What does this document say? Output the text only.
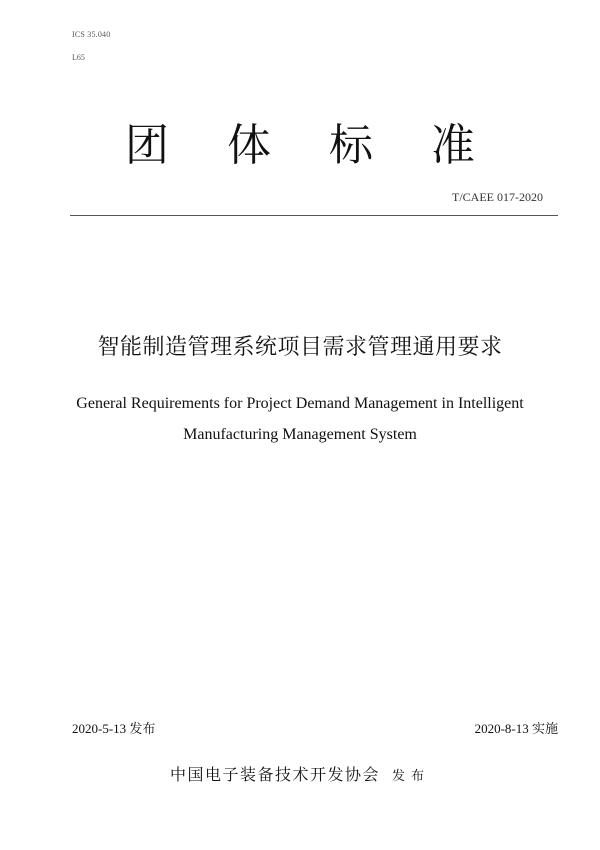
ICS 35.040
L65
团 体 标 准
T/CAEE 017-2020
智能制造管理系统项目需求管理通用要求
General Requirements for Project Demand Management in Intelligent
Manufacturing Management System
2020-5-13 发布	2020-8-13 实施
中国电子装备技术开发协会 发布
